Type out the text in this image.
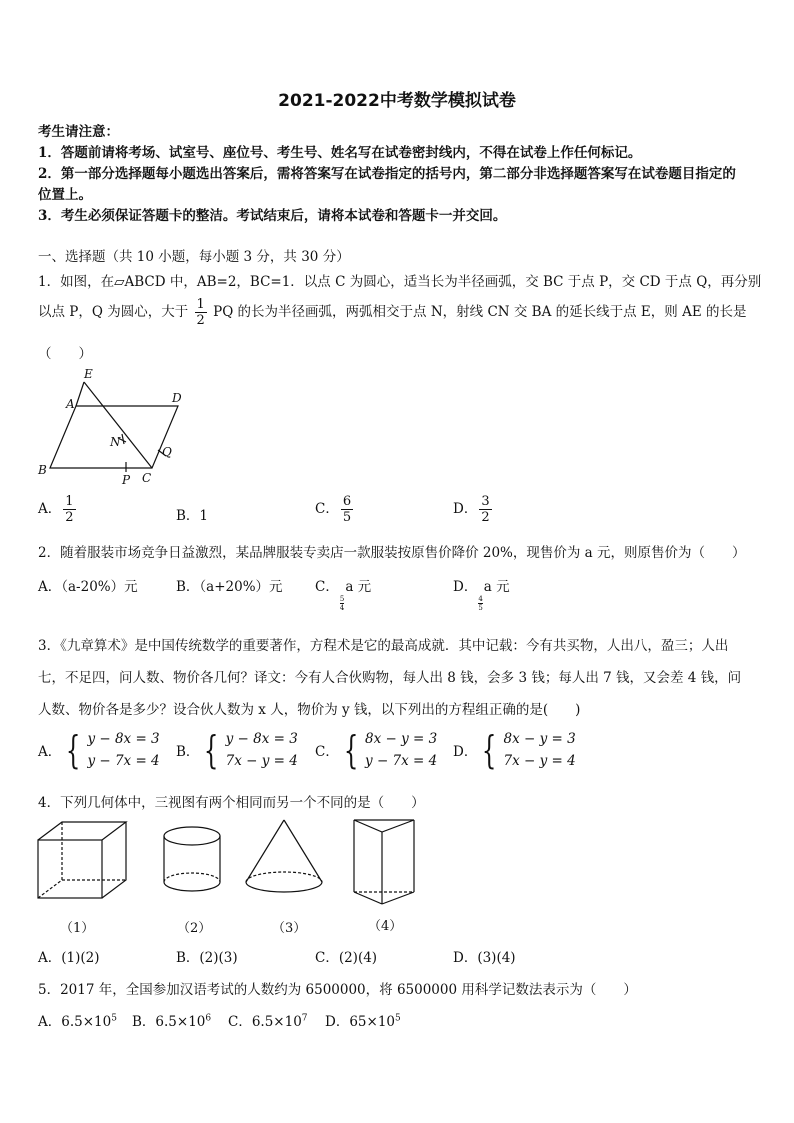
2021-2022中考数学模拟试卷
考生请注意：
1．答题前请将考场、试室号、座位号、考生号、姓名写在试卷密封线内，不得在试卷上作任何标记。
2．第一部分选择题每小题选出答案后，需将答案写在试卷指定的括号内，第二部分非选择题答案写在试卷题目指定的
位置上。
3．考生必须保证答题卡的整洁。考试结束后，请将本试卷和答题卡一并交回。
一、选择题（共 10 小题，每小题 3 分，共 30 分）
1．如图，在▱ABCD 中，AB=2，BC=1．以点 C 为圆心，适当长为半径画弧，交 BC 于点 P，交 CD 于点 Q，再分别
以点 P，Q 为圆心，大于 $\frac{1}{2}$ PQ 的长为半径画弧，两弧相交于点 N，射线 CN 交 BA 的延长线于点 E，则 AE 的长是
（　　）
E
A	D
N
Q
B
P C
A． $\frac{1}{2}$	B．1	C． $\frac{6}{5}$	D． $\frac{3}{2}$
2．随着服装市场竞争日益激烈，某品牌服装专卖店一款服装按原售价降价 20%，现售价为 a 元，则原售价为（　　）
A．（a-20%）元	B．（a+20%）元 C．
$\frac{5}{4}$
a 元	D．
$\frac{4}{5}$
a 元
3．《九章算术》是中国传统数学的重要著作，方程术是它的最高成就．其中记载：今有共买物，人出八，盈三；人出
七，不足四，问人数、物价各几何？译文：今有人合伙购物，每人出 8 钱，会多 3 钱；每人出 7 钱，又会差 4 钱，问
人数、物价各是多少？设合伙人数为 x 人，物价为 y 钱，以下列出的方程组正确的是(　　)
A． { y − 8x = 3
y − 7x = 4
B． { y − 8x = 3
7x − y = 4
C． { 8x − y = 3
y − 7x = 4
D． { 8x − y = 3
7x − y = 4
4．下列几何体中，三视图有两个相同而另一个不同的是（　　）
（1）	（2）	（3）	（4）
A．(1)(2)	B．(2)(3)	C．(2)(4)	D．(3)(4)
5．2017 年，全国参加汉语考试的人数约为 6500000，将 6500000 用科学记数法表示为（　　）
A．$6.5\times 10^5$ B．$6.5\times 10^6$ C．$6.5\times 10^7$ D．$65\times 10^5$
